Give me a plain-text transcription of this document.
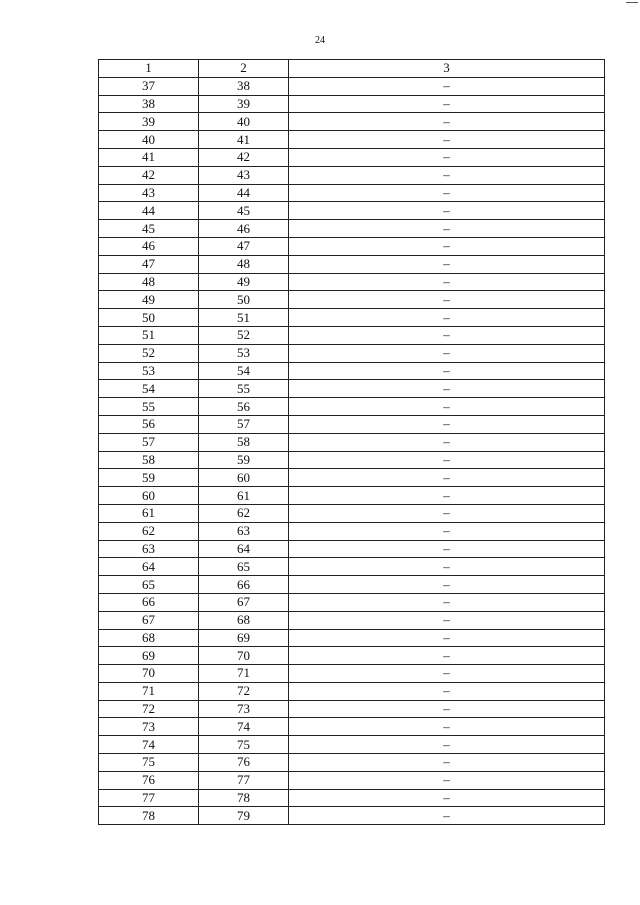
24
1	2	3
37	38	–
38	39	–
39	40	–
40	41	–
41	42	–
42	43	–
43	44	–
44	45	–
45	46	–
46	47	–
47	48	–
48	49	–
49	50	–
50	51	–
51	52	–
52	53	–
53	54	–
54	55	–
55	56	–
56	57	–
57	58	–
58	59	–
59	60	–
60	61	–
61	62	–
62	63	–
63	64	–
64	65	–
65	66	–
66	67	–
67	68	–
68	69	–
69	70	–
70	71	–
71	72	–
72	73	–
73	74	–
74	75	–
75	76	–
76	77	–
77	78	–
78	79	–
